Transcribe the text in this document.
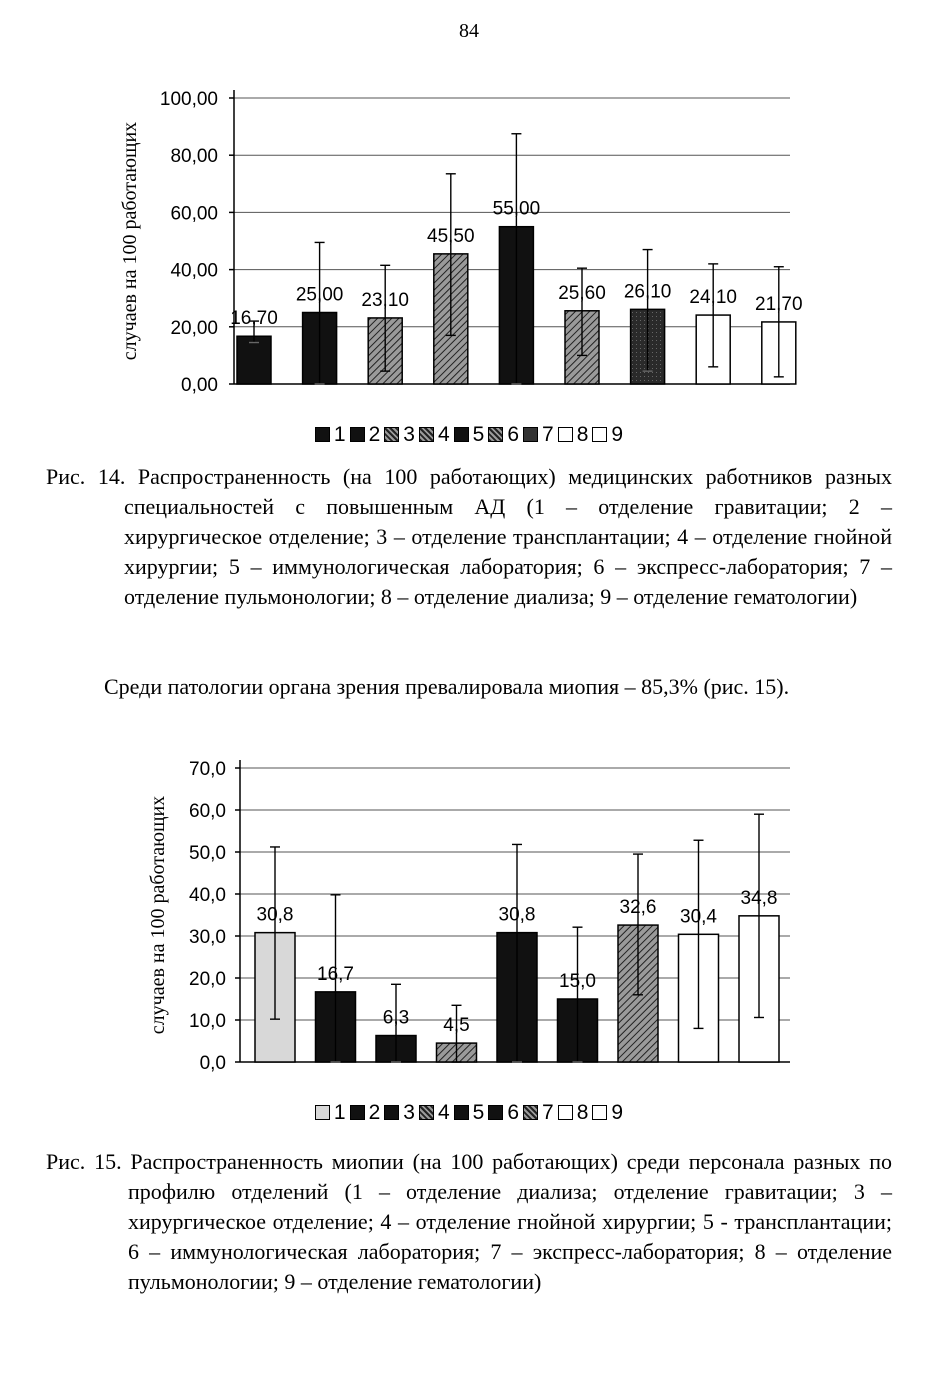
84
0,00
20,00
40,00
60,00
80,00
100,00
случаев на 100 работающих	16,70
25,00 23,10
45,50
55,00
25,60 26,10 24,10 21,70
1 2 3 4 5 6 7 8 9
Рис. 14. Распространенность (на 100 работающих) медицинских работников разных специальностей с повышенным АД (1 – отделение гравитации; 2 – хирургическое отделение; 3 – отделение трансплантации; 4 – отделение гнойной хирургии; 5 – иммунологическая лаборатория; 6 – экспресс-лаборатория; 7 – отделение пульмонологии; 8 – отделение диализа; 9 – отделение гематологии)
Среди патологии органа зрения превалировала миопия – 85,3% (рис. 15).
0,0
10,0
20,0
30,0
40,0
50,0
60,0
70,0
случаев на 100 работающих	30,8
16,7
6,3 4,5
30,8
15,0
32,6 30,4
34,8
1 2 3 4 5 6 7 8 9
Рис. 15. Распространенность миопии (на 100 работающих) среди персонала разных по профилю отделений (1 – отделение диализа; отделение гравитации; 3 – хирургическое отделение; 4 – отделение гнойной хирургии; 5 - трансплантации; 6 – иммунологическая лаборатория; 7 – экспресс-лаборатория; 8 – отделение пульмонологии; 9 – отделение гематологии)
